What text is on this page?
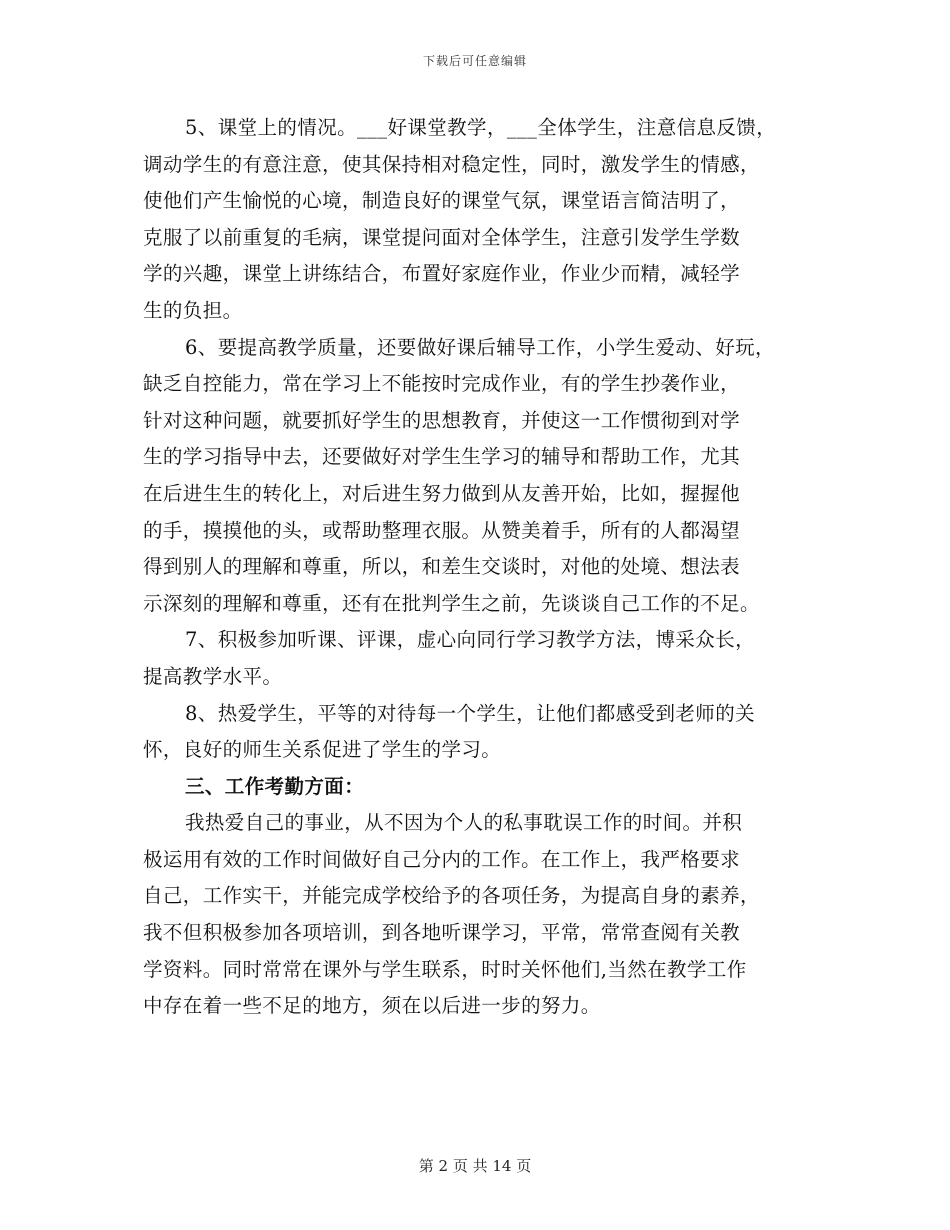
下载后可任意编辑
5、课堂上的情况。___好课堂教学，___全体学生，注意信息反馈，
调动学生的有意注意，使其保持相对稳定性，同时，激发学生的情感，
使他们产生愉悦的心境，制造良好的课堂气氛，课堂语言简洁明了，
克服了以前重复的毛病，课堂提问面对全体学生，注意引发学生学数
学的兴趣，课堂上讲练结合，布置好家庭作业，作业少而精，减轻学
生的负担。
6、要提高教学质量，还要做好课后辅导工作，小学生爱动、好玩，
缺乏自控能力，常在学习上不能按时完成作业，有的学生抄袭作业，
针对这种问题，就要抓好学生的思想教育，并使这一工作惯彻到对学
生的学习指导中去，还要做好对学生生学习的辅导和帮助工作，尤其
在后进生生的转化上，对后进生努力做到从友善开始，比如，握握他
的手，摸摸他的头，或帮助整理衣服。从赞美着手，所有的人都渴望
得到别人的理解和尊重，所以，和差生交谈时，对他的处境、想法表
示深刻的理解和尊重，还有在批判学生之前，先谈谈自己工作的不足。
7、积极参加听课、评课，虚心向同行学习教学方法，博采众长，
提高教学水平。
8、热爱学生，平等的对待每一个学生，让他们都感受到老师的关
怀，良好的师生关系促进了学生的学习。
三、工作考勤方面：
我热爱自己的事业，从不因为个人的私事耽误工作的时间。并积
极运用有效的工作时间做好自己分内的工作。在工作上，我严格要求
自己，工作实干，并能完成学校给予的各项任务，为提高自身的素养，
我不但积极参加各项培训，到各地听课学习，平常，常常查阅有关教
学资料。同时常常在课外与学生联系，时时关怀他们,当然在教学工作
中存在着一些不足的地方，须在以后进一步的努力。
第 2 页 共 14 页
